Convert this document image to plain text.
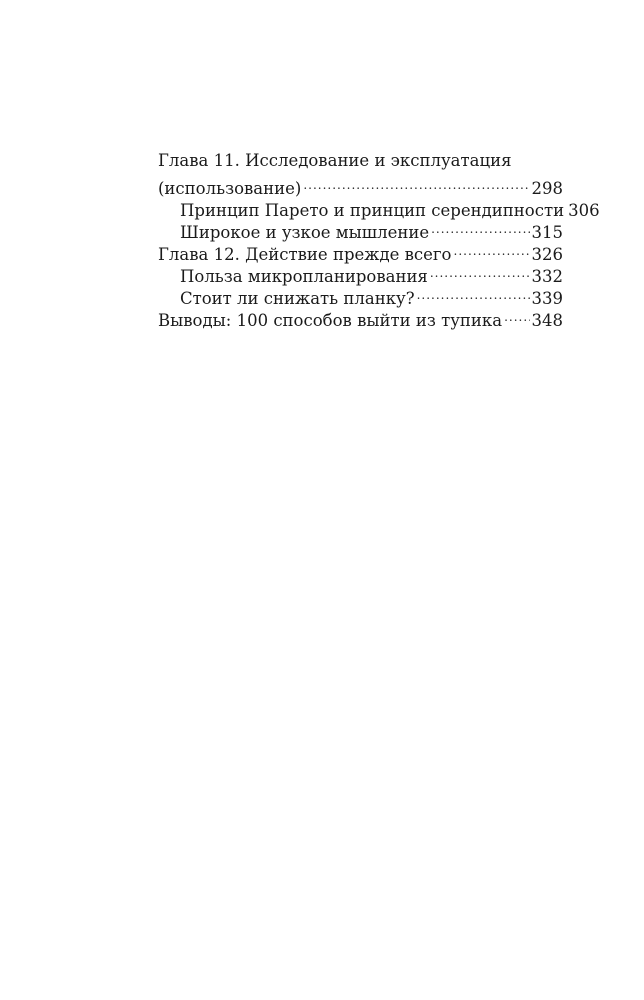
Глава 11. Исследование и эксплуатация
(использование) .....	298
Принцип Парето и принцип серендипности 306
Широкое и узкое мышление .....	315
Глава 12. Действие прежде всего .....	326
Польза микропланирования .....	332
Стоит ли снижать планку? .....	339
Выводы: 100 способов выйти из тупика ..... 348
